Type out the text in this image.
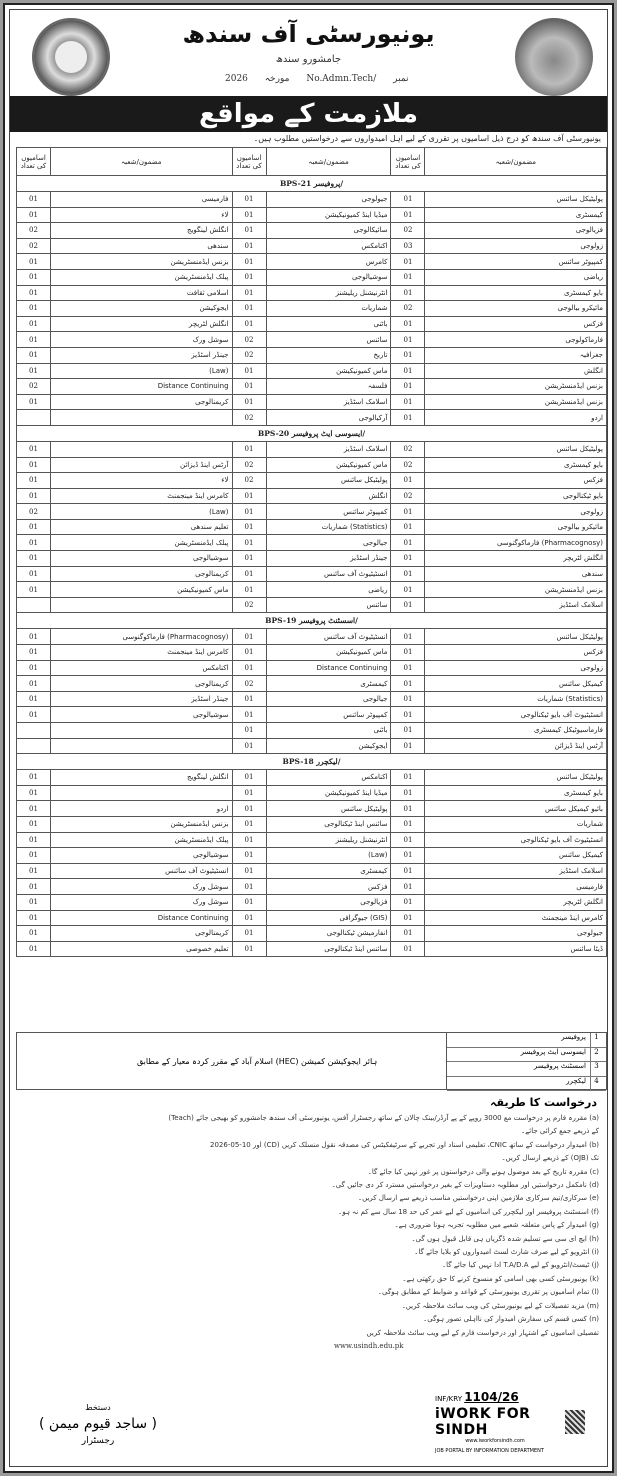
یونیورسٹی آف سندھ
جامشورو سندھ
2026 مورخہ No.Admn.Tech/ نمبر
ملازمت کے مواقع
یونیورسٹی آف سندھ کو درج ذیل اسامیوں پر تقرری کے لیے اہل امیدواروں سے درخواستیں مطلوب ہیں۔
اسامیوں کی تعداد	مضمون/شعبہ	اسامیوں کی تعداد	مضمون/شعبہ	اسامیوں کی تعداد	مضمون/شعبہ
BPS-21 پروفیسر/					
01	فارمیسی	01	جیولوجی	01	پولیٹیکل سائنس
01	لاء	01	میڈیا اینڈ کمیونیکیشن	01	کیمسٹری
02	انگلش لینگویج	01	سائیکالوجی	02	فزیالوجی
02	سندھی	01	اکنامکس	03	زولوجی
01	بزنس ایڈمنسٹریشن	01	کامرس	01	کمپیوٹر سائنس
01	پبلک ایڈمنسٹریشن	01	سوشیالوجی	01	ریاضی
01	اسلامی ثقافت	01	انٹرنیشنل ریلیشنز	01	بایو کیمسٹری
01	ایجوکیشن	01	شماریات	02	مائیکرو بیالوجی
01	انگلش لٹریچر	01	باٹنی	01	فزکس
01	سوشل ورک	02	سائنس	01	فارماکولوجی
01	جینڈر اسٹڈیز	02	تاریخ	01	جغرافیہ
01	(Law)	01	ماس کمیونیکیشن	01	انگلش
02	Distance Continuing	01	فلسفہ	01	بزنس ایڈمنسٹریشن
01	کریمنالوجی	01	اسلامک اسٹڈیز	01	بزنس ایڈمنسٹریشن
		02	آرکیالوجی	01	اردو
BPS-20 ایسوسی ایٹ پروفیسر/					
01		01	اسلامک اسٹڈیز	02	پولیٹیکل سائنس
01	آرٹس اینڈ ڈیزائن	02	ماس کمیونیکیشن	02	بایو کیمسٹری
01	لاء	02	پولیٹیکل سائنس	01	فزکس
01	کامرس اینڈ مینجمنٹ	01	انگلش	02	بایو ٹیکنالوجی
02	(Law)	01	کمپیوٹر سائنس	01	زولوجی
01	تعلیم سندھی	01	(Statistics) شماریات	01	مائیکرو بیالوجی
01	پبلک ایڈمنسٹریشن	01	جیالوجی	01	(Pharmacognosy) فارماکوگنوسی
01	سوشیالوجی	01	جینڈر اسٹڈیز	01	انگلش لٹریچر
01	کریمنالوجی	01	انسٹیٹیوٹ آف سائنس	01	سندھی
01	ماس کمیونیکیشن	01	ریاضی	01	بزنس ایڈمنسٹریشن
		02	سائنس	01	اسلامک اسٹڈیز
BPS-19 اسسٹنٹ پروفیسر/					
01	(Pharmacognosy) فارماکوگنوسی	01	انسٹیٹیوٹ آف سائنس	01	پولیٹیکل سائنس
01	کامرس اینڈ مینجمنٹ	01	ماس کمیونیکیشن	01	فزکس
01	اکنامکس	01	Distance Continuing	01	زولوجی
01	کریمنالوجی	02	کیمسٹری	01	کیمیکل سائنس
01	جینڈر اسٹڈیز	01	جیالوجی	01	(Statistics) شماریات
01	سوشیالوجی	01	کمپیوٹر سائنس	01	انسٹیٹیوٹ آف بایو ٹیکنالوجی
		01	باٹنی	01	فارماسیوٹیکل کیمسٹری
		01	ایجوکیشن	01	آرٹس اینڈ ڈیزائن
BPS-18 لیکچرر/					
01	انگلش لینگویج	01	اکنامکس	01	پولیٹیکل سائنس
01		01	میڈیا اینڈ کمیونیکیشن	01	بایو کیمسٹری
01	اردو	01	پولیٹیکل سائنس	01	بائیو کیمیکل سائنس
01	بزنس ایڈمنسٹریشن	01	سائنس اینڈ ٹیکنالوجی	01	شماریات
01	پبلک ایڈمنسٹریشن	01	انٹرنیشنل ریلیشنز	01	انسٹیٹیوٹ آف بایو ٹیکنالوجی
01	سوشیالوجی	01	(Law)	01	کیمیکل سائنس
01	انسٹیٹیوٹ آف سائنس	01	کیمسٹری	01	اسلامک اسٹڈیز
01	سوشل ورک	01	فزکس	01	فارمیسی
01	سوشل ورک	01	فزیالوجی	01	انگلش لٹریچر
01	Distance Continuing	01	(GIS) جیوگرافی	01	کامرس اینڈ مینجمنٹ
01	کریمنالوجی	01	انفارمیشن ٹیکنالوجی	01	جیولوجی
01	تعلیم خصوصی	01	سائنس اینڈ ٹیکنالوجی	01	ڈیٹا سائنس
ہائر ایجوکیشن کمیشن (HEC) اسلام آباد کے مقرر کردہ معیار کے مطابق
1
پروفیسر
2
ایسوسی ایٹ پروفیسر
3
اسسٹنٹ پروفیسر
4
لیکچرر
درخواست کا طریقہ
(a) مقررہ فارم پر درخواست مع 3000 روپے کے پے آرڈر/بینک چالان کے ساتھ رجسٹرار آفس، یونیورسٹی آف سندھ جامشورو کو بھیجی جائے (Teach)
کے ذریعے جمع کرائی جائے۔
(b) امیدوار درخواست کے ساتھ CNIC، تعلیمی اسناد اور تجربے کے سرٹیفکیٹس کی مصدقہ نقول منسلک کریں (CD) اور 10-05-2026
تک (OJB) کے ذریعے ارسال کریں۔
(c) مقررہ تاریخ کے بعد موصول ہونے والی درخواستوں پر غور نہیں کیا جائے گا۔
(d) نامکمل درخواستیں اور مطلوبہ دستاویزات کے بغیر درخواستیں مسترد کر دی جائیں گی۔
(e) سرکاری/نیم سرکاری ملازمین اپنی درخواستیں مناسب ذریعے سے ارسال کریں۔
(f) اسسٹنٹ پروفیسر اور لیکچرر کی اسامیوں کے لیے عمر کی حد 18 سال سے کم نہ ہو۔
(g) امیدوار کے پاس متعلقہ شعبے میں مطلوبہ تجربہ ہونا ضروری ہے۔
(h) ایچ ای سی سے تسلیم شدہ ڈگریاں ہی قابل قبول ہوں گی۔
(i) انٹرویو کے لیے صرف شارٹ لسٹ امیدواروں کو بلایا جائے گا۔
(j) ٹیسٹ/انٹرویو کے لیے T.A/D.A ادا نہیں کیا جائے گا۔
(k) یونیورسٹی کسی بھی اسامی کو منسوخ کرنے کا حق رکھتی ہے۔
(l) تمام اسامیوں پر تقرری یونیورسٹی کے قواعد و ضوابط کے مطابق ہوگی۔
(m) مزید تفصیلات کے لیے یونیورسٹی کی ویب سائٹ ملاحظہ کریں۔
(n) کسی قسم کی سفارش امیدوار کی نااہلی تصور ہوگی۔
تفصیلی اسامیوں کے اشتہار اور درخواست فارم کے لیے ویب سائٹ ملاحظہ کریں
www.usindh.edu.pk
دستخط
( ساجد قیوم میمن )
رجسٹرار
INF/KRY 1104/26
iWORK FOR SINDH
www.iworkforsindh.com
JOB PORTAL BY INFORMATION DEPARTMENT
